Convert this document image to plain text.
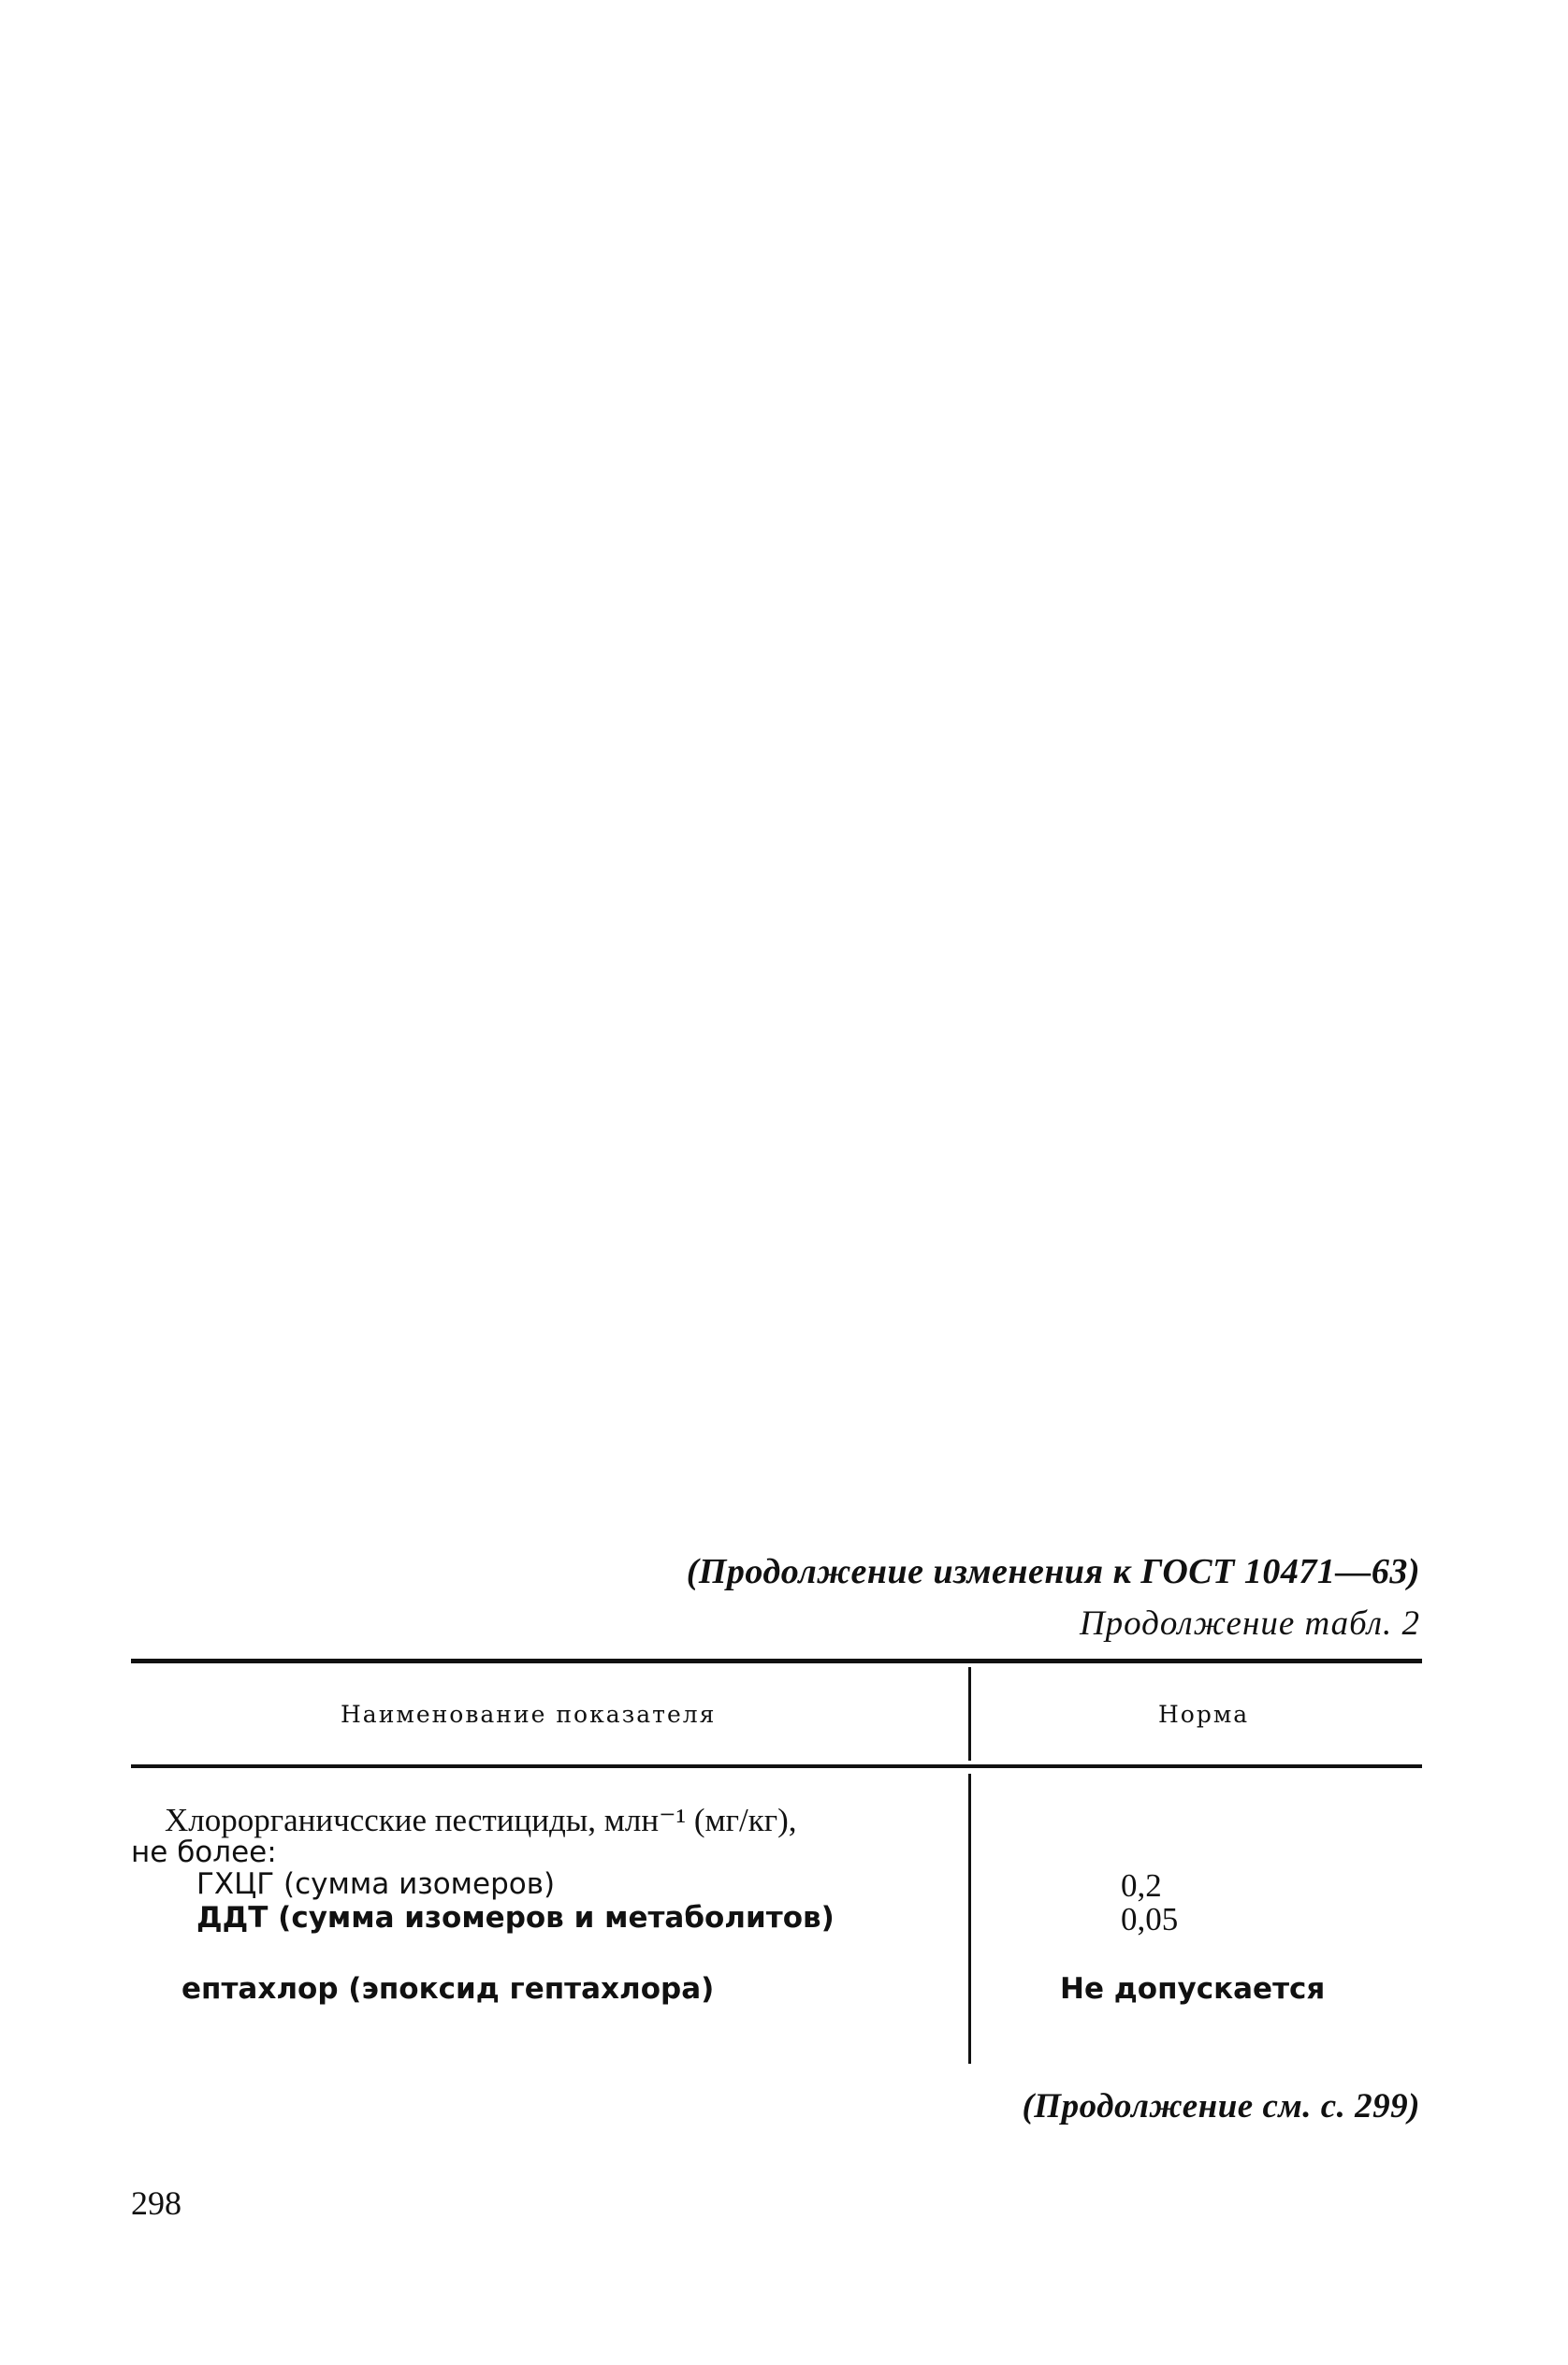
(Продолжение изменения к ГОСТ 10471—63)
Продолжение табл. 2
Наименование показателя	Норма
Хлорорганичсские пестициды, млн⁻¹ (мг/кг),
не более:
ГХЦГ (сумма изомеров)	0,2
ДДТ (сумма изомеров и метаболитов)	0,05
ептахлор (эпоксид гептахлора)	Не допускается
(Продолжение см. с. 299)
298
